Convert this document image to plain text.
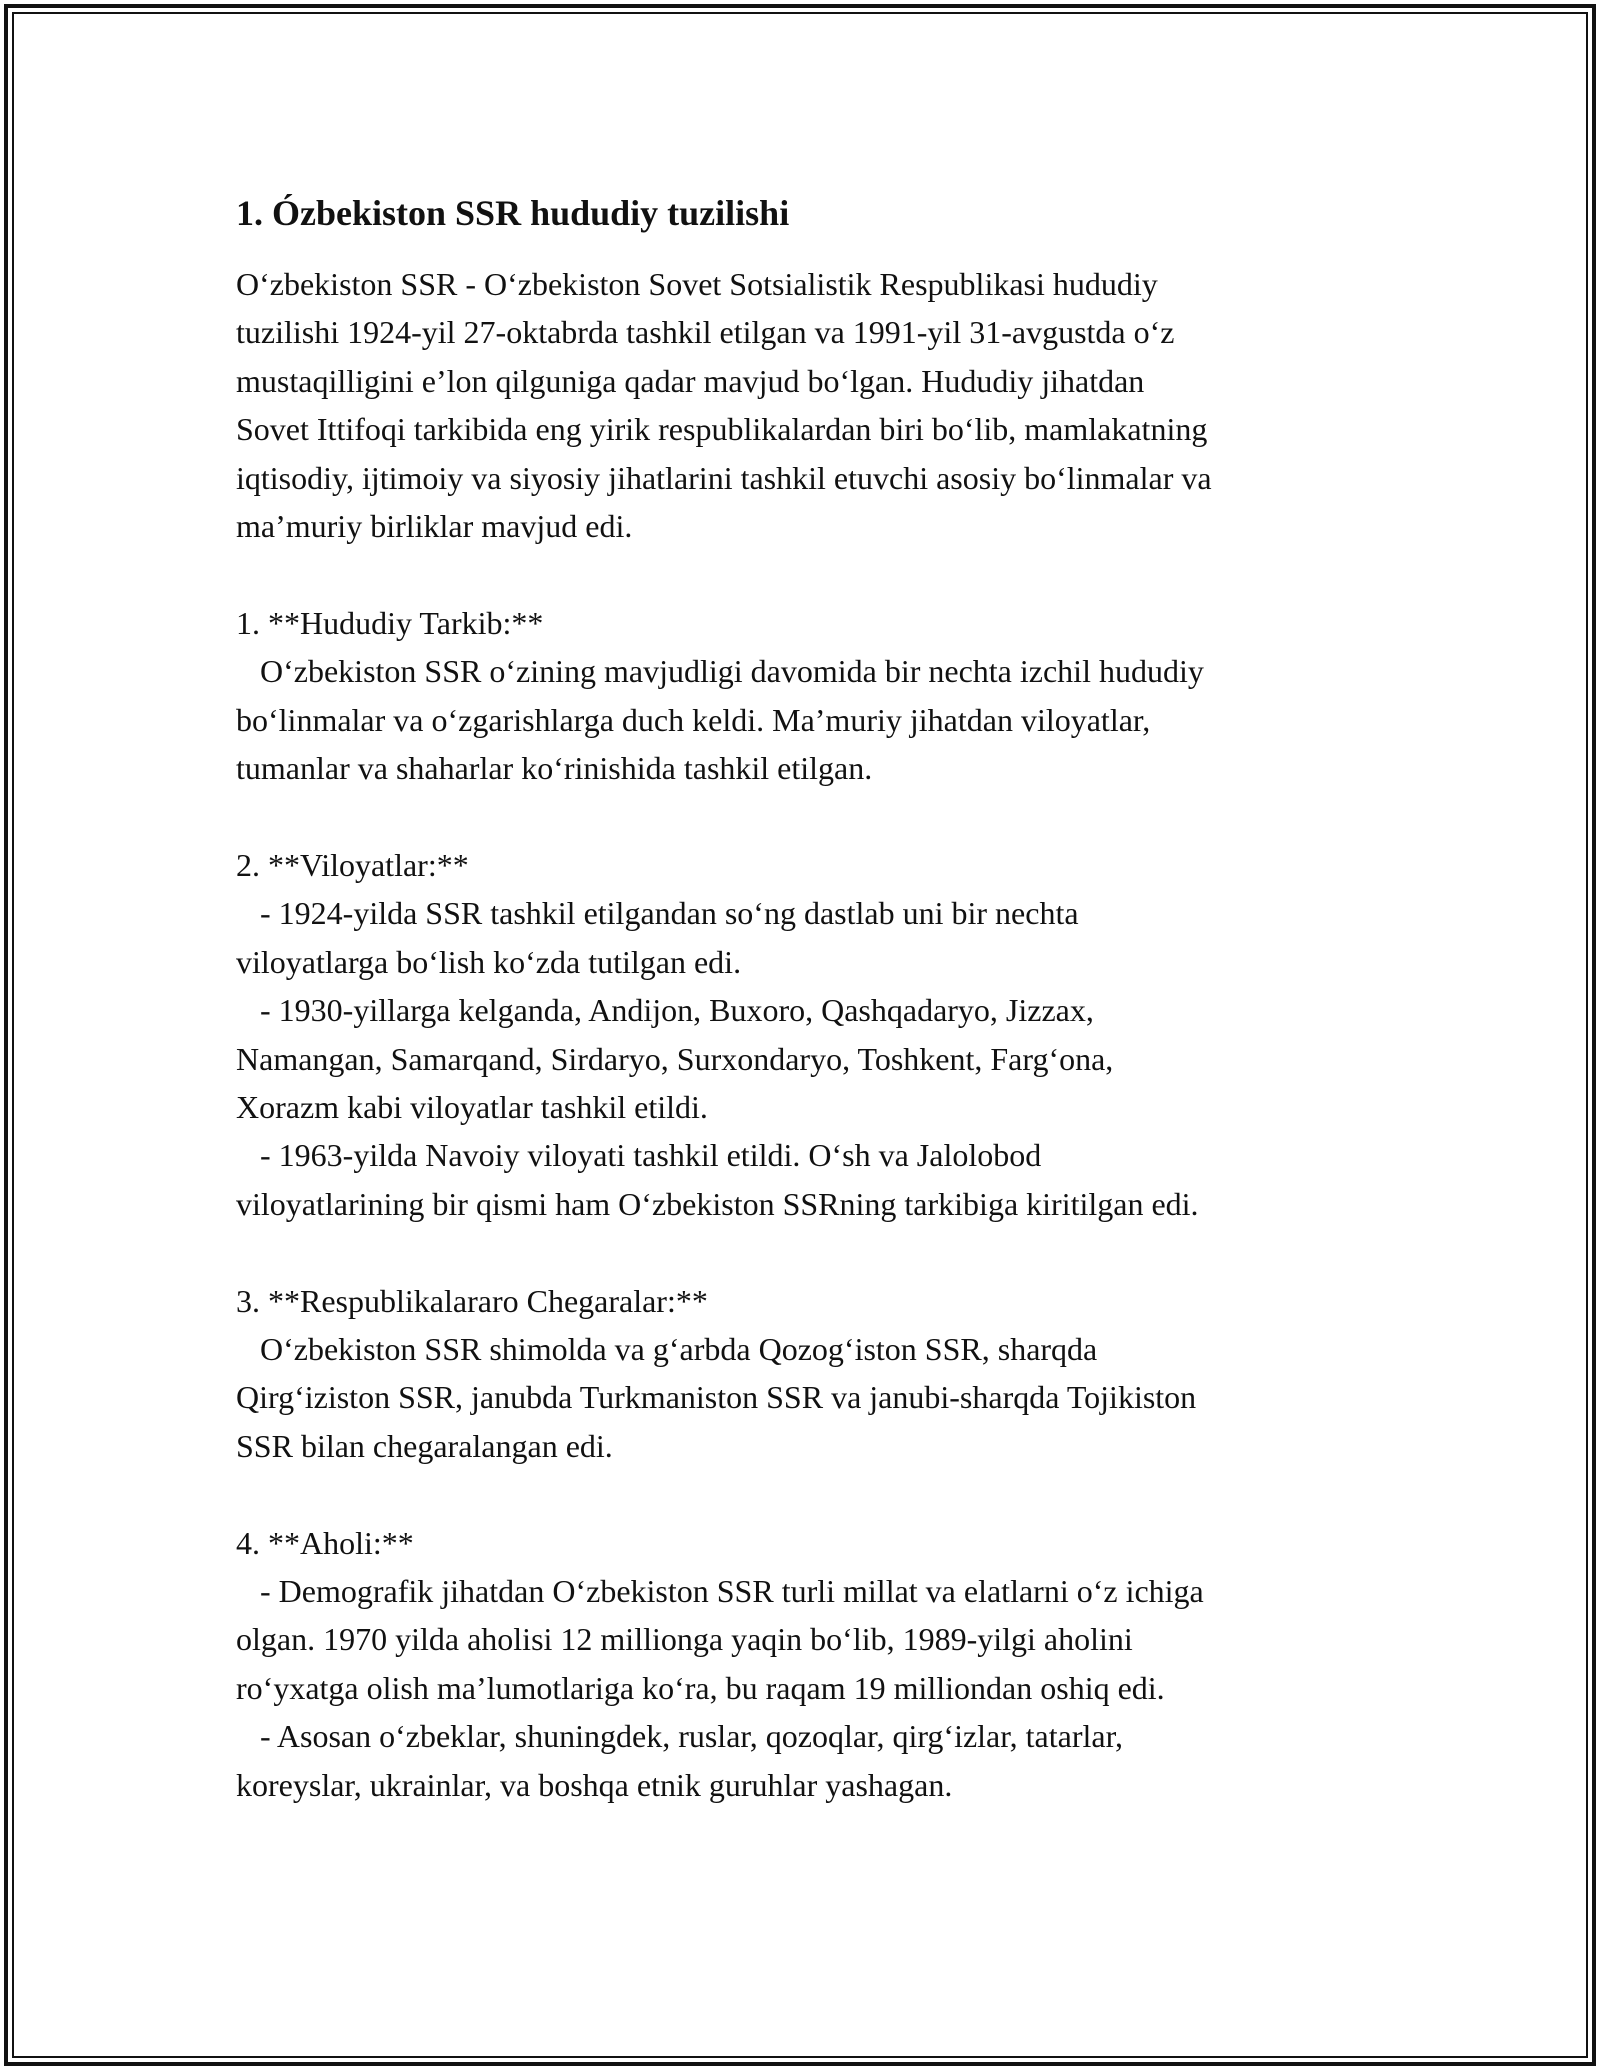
1. Ózbekiston SSR hududiy tuzilishi

O‘zbekiston SSR - O‘zbekiston Sovet Sotsialistik Respublikasi hududiy
tuzilishi 1924-yil 27-oktabrda tashkil etilgan va 1991-yil 31-avgustda o‘z
mustaqilligini e’lon qilguniga qadar mavjud bo‘lgan. Hududiy jihatdan
Sovet Ittifoqi tarkibida eng yirik respublikalardan biri bo‘lib, mamlakatning
iqtisodiy, ijtimoiy va siyosiy jihatlarini tashkil etuvchi asosiy bo‘linmalar va
ma’muriy birliklar mavjud edi.

1. **Hududiy Tarkib:**
O‘zbekiston SSR o‘zining mavjudligi davomida bir nechta izchil hududiy
bo‘linmalar va o‘zgarishlarga duch keldi. Ma’muriy jihatdan viloyatlar,
tumanlar va shaharlar ko‘rinishida tashkil etilgan.

2. **Viloyatlar:**
- 1924-yilda SSR tashkil etilgandan so‘ng dastlab uni bir nechta
viloyatlarga bo‘lish ko‘zda tutilgan edi.
- 1930-yillarga kelganda, Andijon, Buxoro, Qashqadaryo, Jizzax,
Namangan, Samarqand, Sirdaryo, Surxondaryo, Toshkent, Farg‘ona,
Xorazm kabi viloyatlar tashkil etildi.
- 1963-yilda Navoiy viloyati tashkil etildi. O‘sh va Jalolobod
viloyatlarining bir qismi ham O‘zbekiston SSRning tarkibiga kiritilgan edi.

3. **Respublikalararo Chegaralar:**
O‘zbekiston SSR shimolda va g‘arbda Qozog‘iston SSR, sharqda
Qirg‘iziston SSR, janubda Turkmaniston SSR va janubi-sharqda Tojikiston
SSR bilan chegaralangan edi.

4. **Aholi:**
- Demografik jihatdan O‘zbekiston SSR turli millat va elatlarni o‘z ichiga
olgan. 1970 yilda aholisi 12 millionga yaqin bo‘lib, 1989-yilgi aholini
ro‘yxatga olish ma’lumotlariga ko‘ra, bu raqam 19 milliondan oshiq edi.
- Asosan o‘zbeklar, shuningdek, ruslar, qozoqlar, qirg‘izlar, tatarlar,
koreyslar, ukrainlar, va boshqa etnik guruhlar yashagan.
